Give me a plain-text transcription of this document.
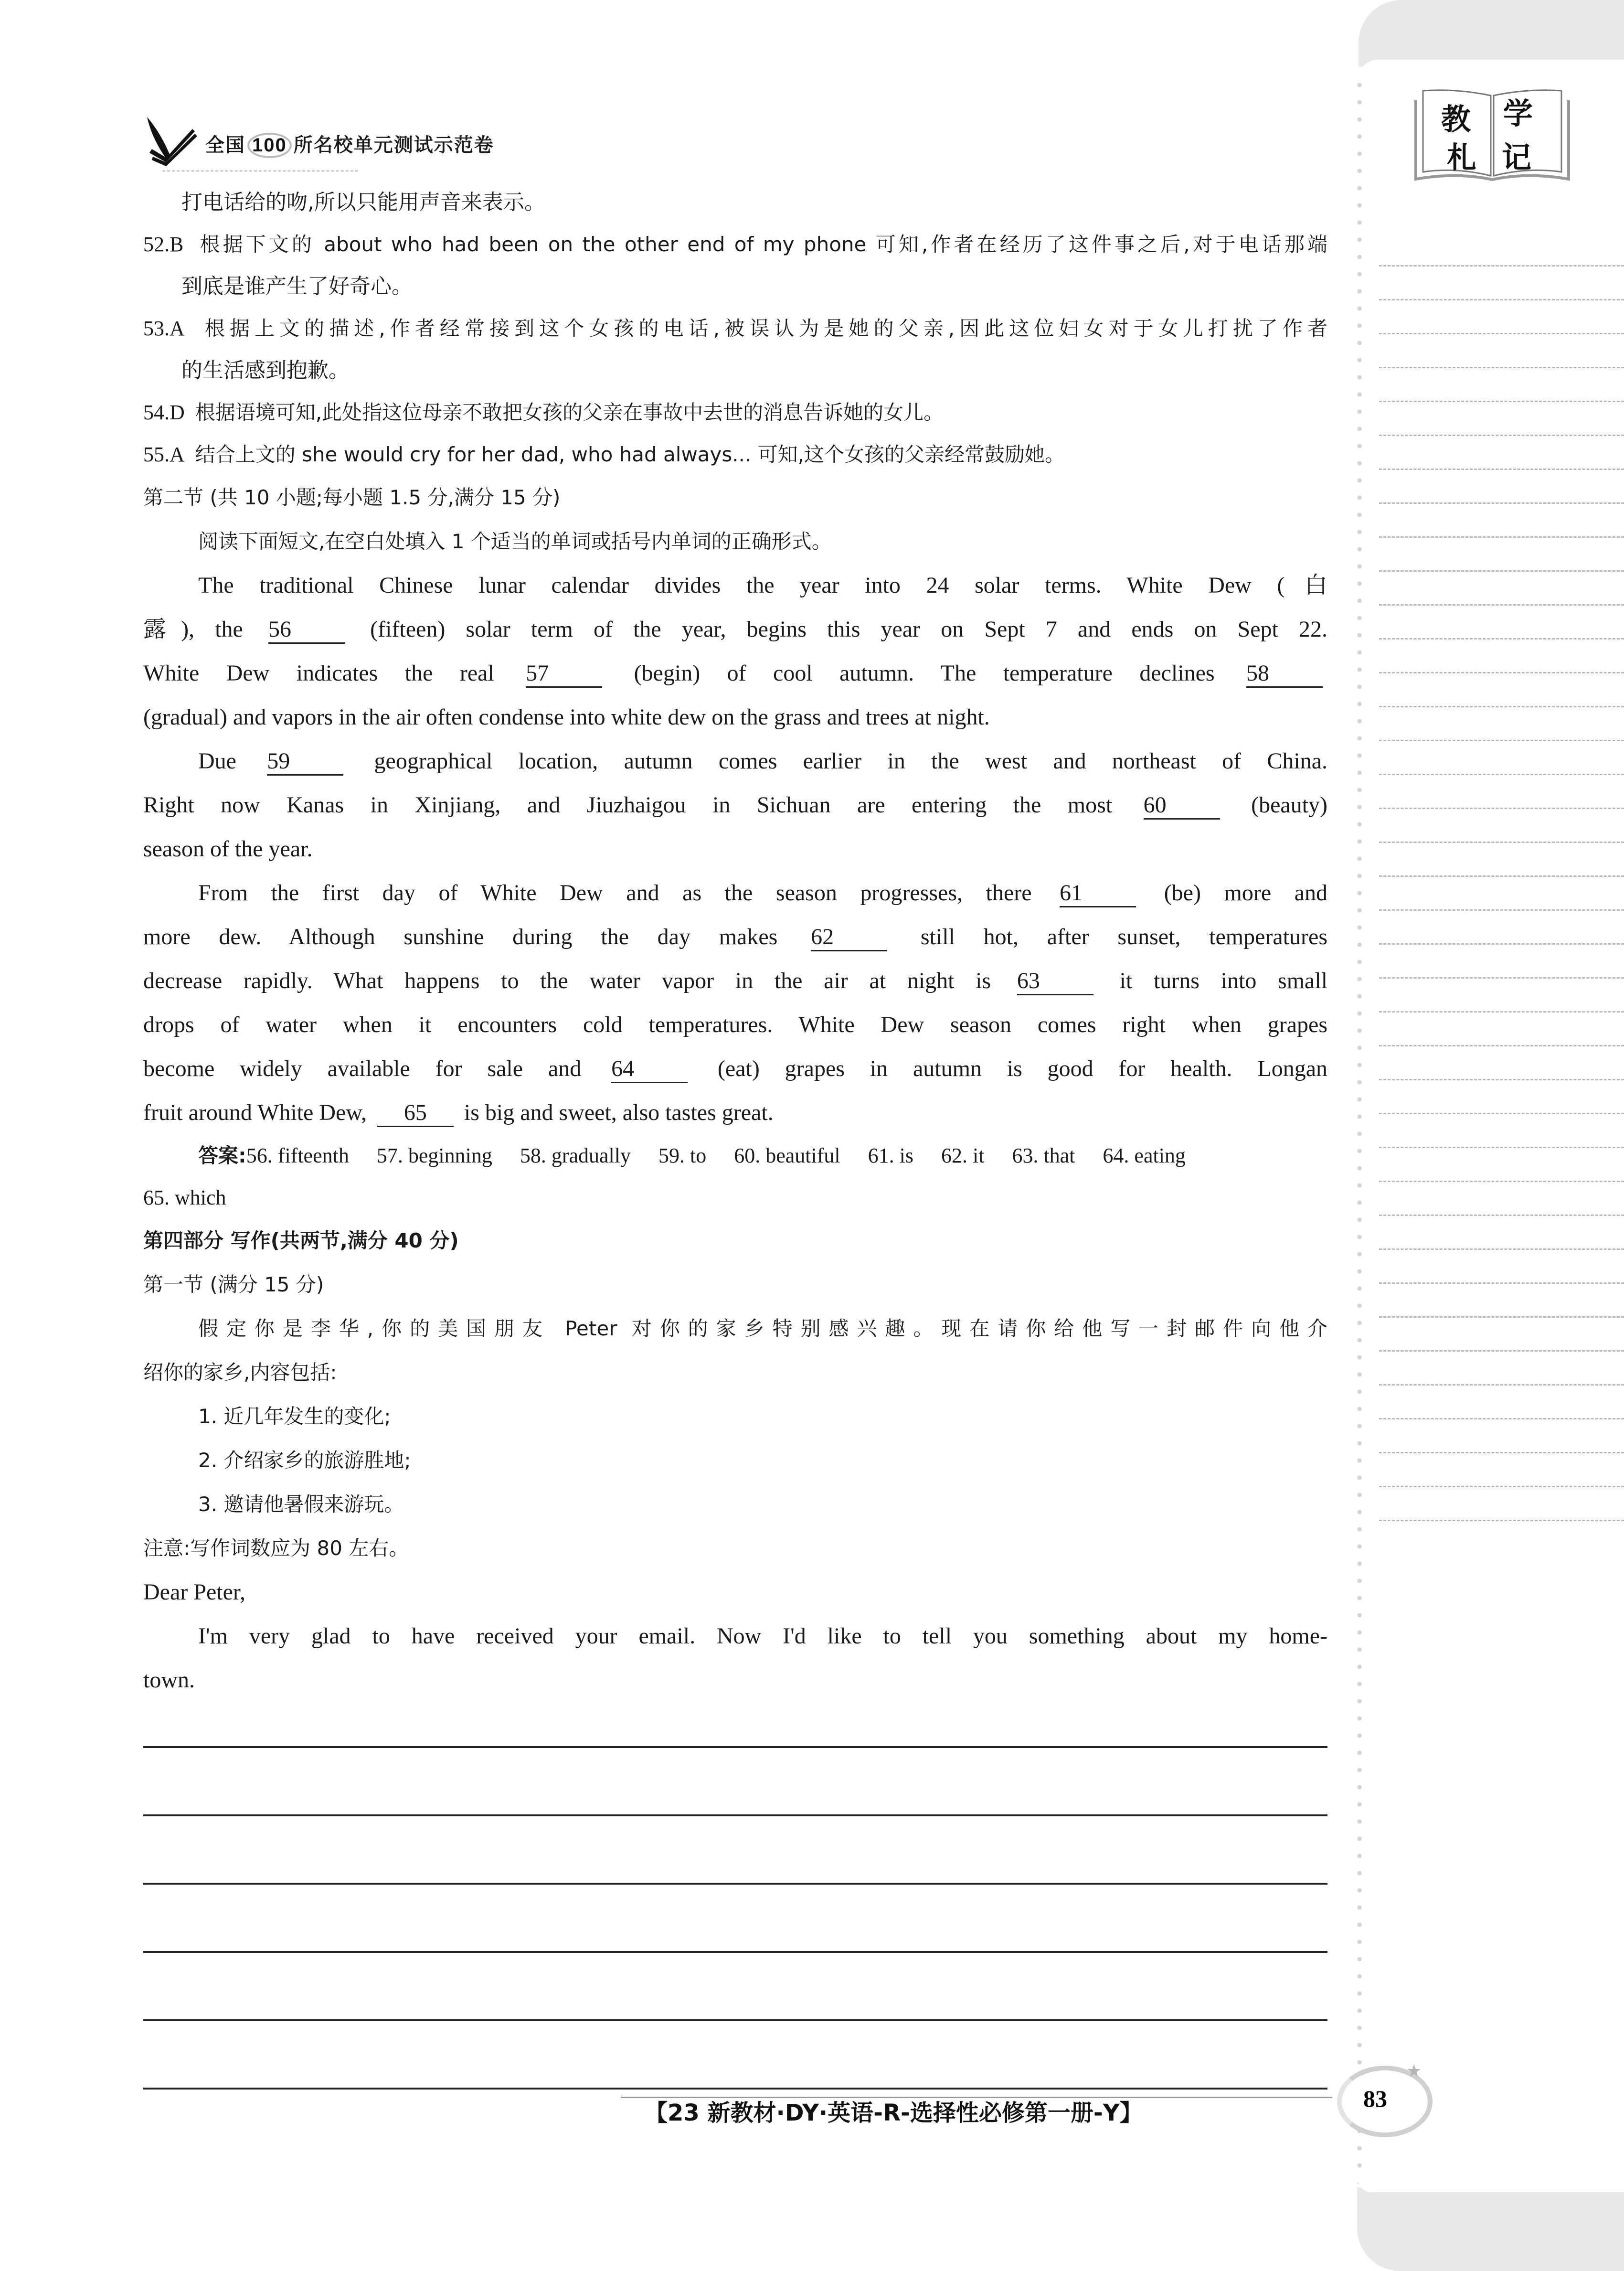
教 学
札 记
全国 100 所名校单元测试示范卷
打电话给的吻,所以只能用声音来表示。
52.B 根据下文的 about who had been on the other end of my phone 可知,作者在经历了这件事之后,对于电话那端
到底是谁产生了好奇心。
53.A 根据上文的描述,作者经常接到这个女孩的电话,被误认为是她的父亲,因此这位妇女对于女儿打扰了作者
的生活感到抱歉。
54.D 根据语境可知,此处指这位母亲不敢把女孩的父亲在事故中去世的消息告诉她的女儿。
55.A 结合上文的 she would cry for her dad, who had always... 可知,这个女孩的父亲经常鼓励她。
第二节 (共 10 小题;每小题 1.5 分,满分 15 分)
阅读下面短文,在空白处填入 1 个适当的单词或括号内单词的正确形式。
The traditional Chinese lunar calendar divides the year into 24 solar terms. White Dew (白
露), the 56	(fifteen) solar term of the year, begins this year on Sept 7 and ends on Sept 22.
White Dew indicates the real 57	(begin) of cool autumn. The temperature declines 58
(gradual) and vapors in the air often condense into white dew on the grass and trees at night.
Due 59	geographical location, autumn comes earlier in the west and northeast of China.
Right now Kanas in Xinjiang, and Jiuzhaigou in Sichuan are entering the most 60	(beauty)
season of the year.
From the first day of White Dew and as the season progresses, there 61	(be) more and
more dew. Although sunshine during the day makes 62	still hot, after sunset, temperatures
decrease rapidly. What happens to the water vapor in the air at night is 63	it turns into small
drops of water when it encounters cold temperatures. White Dew season comes right when grapes
become widely available for sale and 64	(eat) grapes in autumn is good for health. Longan
fruit around White Dew, 65 is big and sweet, also tastes great.
答案:56. fifteenth 57. beginning 58. gradually 59. to 60. beautiful 61. is 62. it 63. that 64. eating
65. which
第四部分 写作(共两节,满分 40 分)
第一节 (满分 15 分)
假定你是李华,你的美国朋友 Peter 对你的家乡特别感兴趣。现在请你给他写一封邮件向他介
绍你的家乡,内容包括:
1. 近几年发生的变化;
2. 介绍家乡的旅游胜地;
3. 邀请他暑假来游玩。
注意:写作词数应为 80 左右。
Dear Peter,
I'm very glad to have received your email. Now I'd like to tell you something about my home-
town.
【23 新教材·DY·英语-R-选择性必修第一册-Y】
★
83
